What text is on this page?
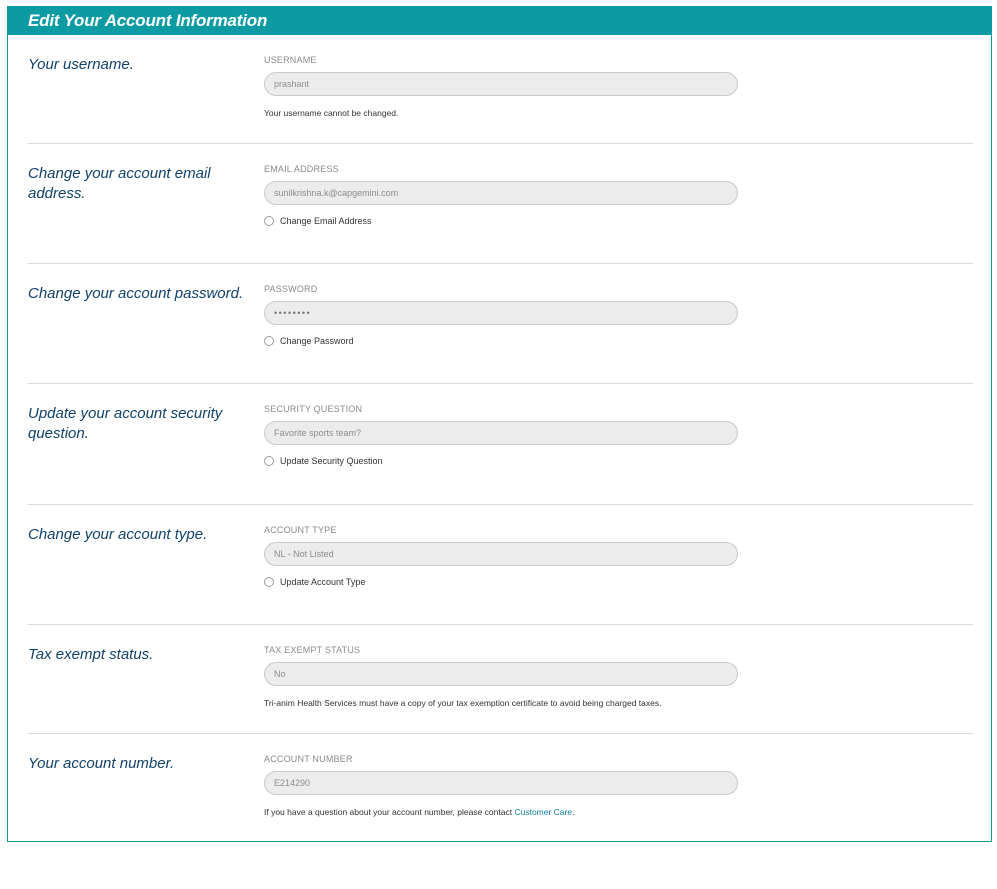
Edit Your Account Information
Your username.	USERNAME
prashant
Your username cannot be changed.
Change your account email address.
EMAIL ADDRESS
sunilkrishna.k@capgemini.com
Change Email Address
Change your account password.	PASSWORD
••••••••
Change Password
Update your account security question.
SECURITY QUESTION
Favorite sports team?
Update Security Question
Change your account type.	ACCOUNT TYPE
NL - Not Listed
Update Account Type
Tax exempt status.	TAX EXEMPT STATUS
No
Tri-anim Health Services must have a copy of your tax exemption certificate to avoid being charged taxes.
Your account number.	ACCOUNT NUMBER
E214290
If you have a question about your account number, please contact Customer Care.
